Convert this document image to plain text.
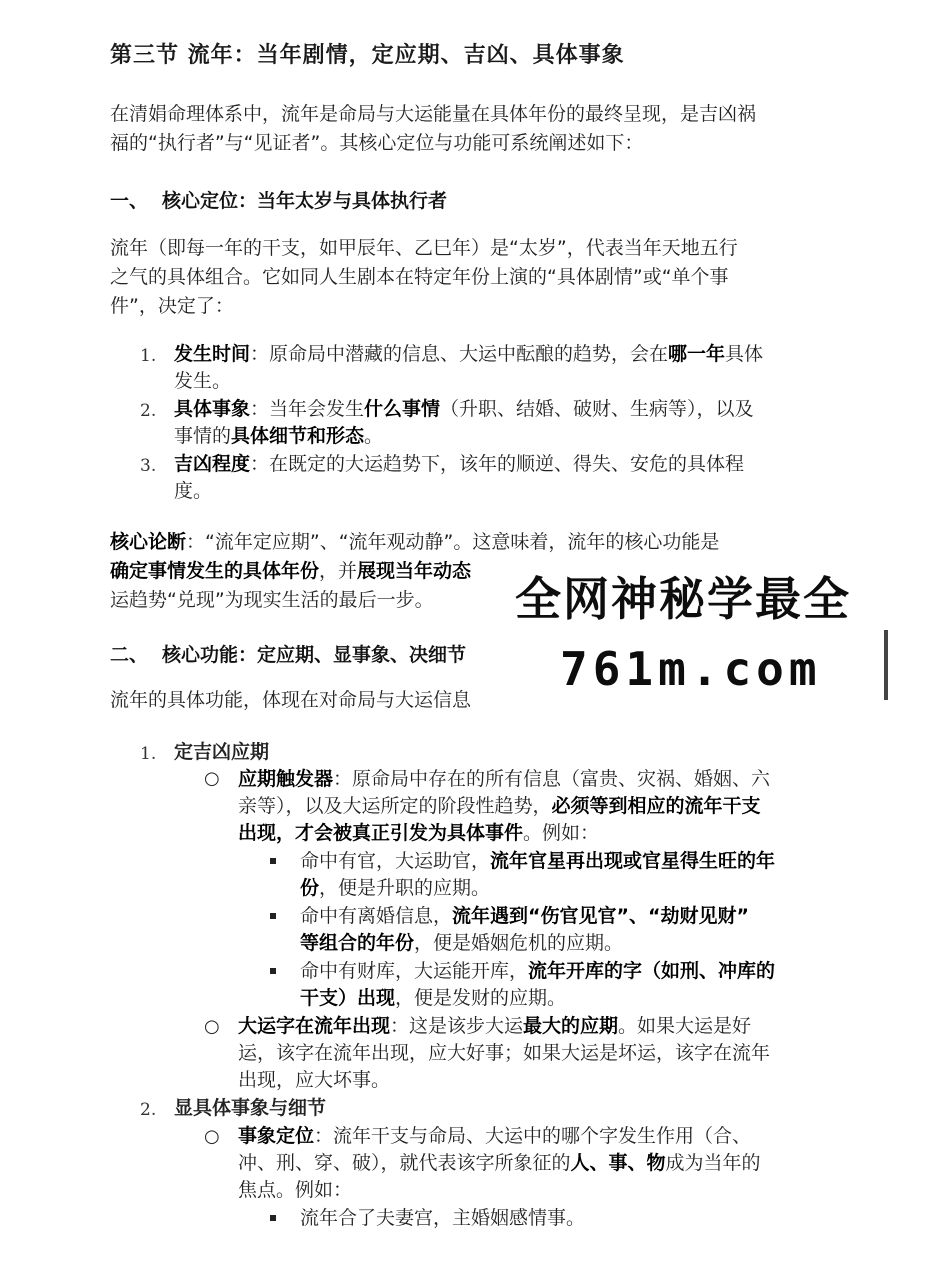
第三节 流年：当年剧情，定应期、吉凶、具体事象

在清娟命理体系中，流年是命局与大运能量在具体年份的最终呈现，是吉凶祸
福的“执行者”与“见证者”。其核心定位与功能可系统阐述如下：

一、 核心定位：当年太岁与具体执行者

流年（即每一年的干支，如甲辰年、乙巳年）是“太岁”，代表当年天地五行
之气的具体组合。它如同人生剧本在特定年份上演的“具体剧情”或“单个事
件”，决定了：

1. 发生时间：原命局中潜藏的信息、大运中酝酿的趋势，会在哪一年具体
发生。
2. 具体事象：当年会发生什么事情（升职、结婚、破财、生病等），以及
事情的具体细节和形态。
3. 吉凶程度：在既定的大运趋势下，该年的顺逆、得失、安危的具体程
度。

核心论断：“流年定应期”、“流年观动静”。这意味着，流年的核心功能是
确定事情发生的具体年份，并展现当年动态
运趋势“兑现”为现实生活的最后一步。

二、 核心功能：定应期、显事象、决细节

流年的具体功能，体现在对命局与大运信息

1. 定吉凶应期
○ 应期触发器：原命局中存在的所有信息（富贵、灾祸、婚姻、六
亲等），以及大运所定的阶段性趋势，必须等到相应的流年干支
出现，才会被真正引发为具体事件。例如：
命中有官，大运助官，流年官星再出现或官星得生旺的年
份，便是升职的应期。
命中有离婚信息，流年遇到“伤官见官”、“劫财见财”
等组合的年份，便是婚姻危机的应期。
命中有财库，大运能开库，流年开库的字（如刑、冲库的
干支）出现，便是发财的应期。
○ 大运字在流年出现：这是该步大运最大的应期。如果大运是好
运，该字在流年出现，应大好事；如果大运是坏运，该字在流年
出现，应大坏事。
2. 显具体事象与细节
○ 事象定位：流年干支与命局、大运中的哪个字发生作用（合、
冲、刑、穿、破），就代表该字所象征的人、事、物成为当年的
焦点。例如：
流年合了夫妻宫，主婚姻感情事。
全网神秘学最全
761m.com
